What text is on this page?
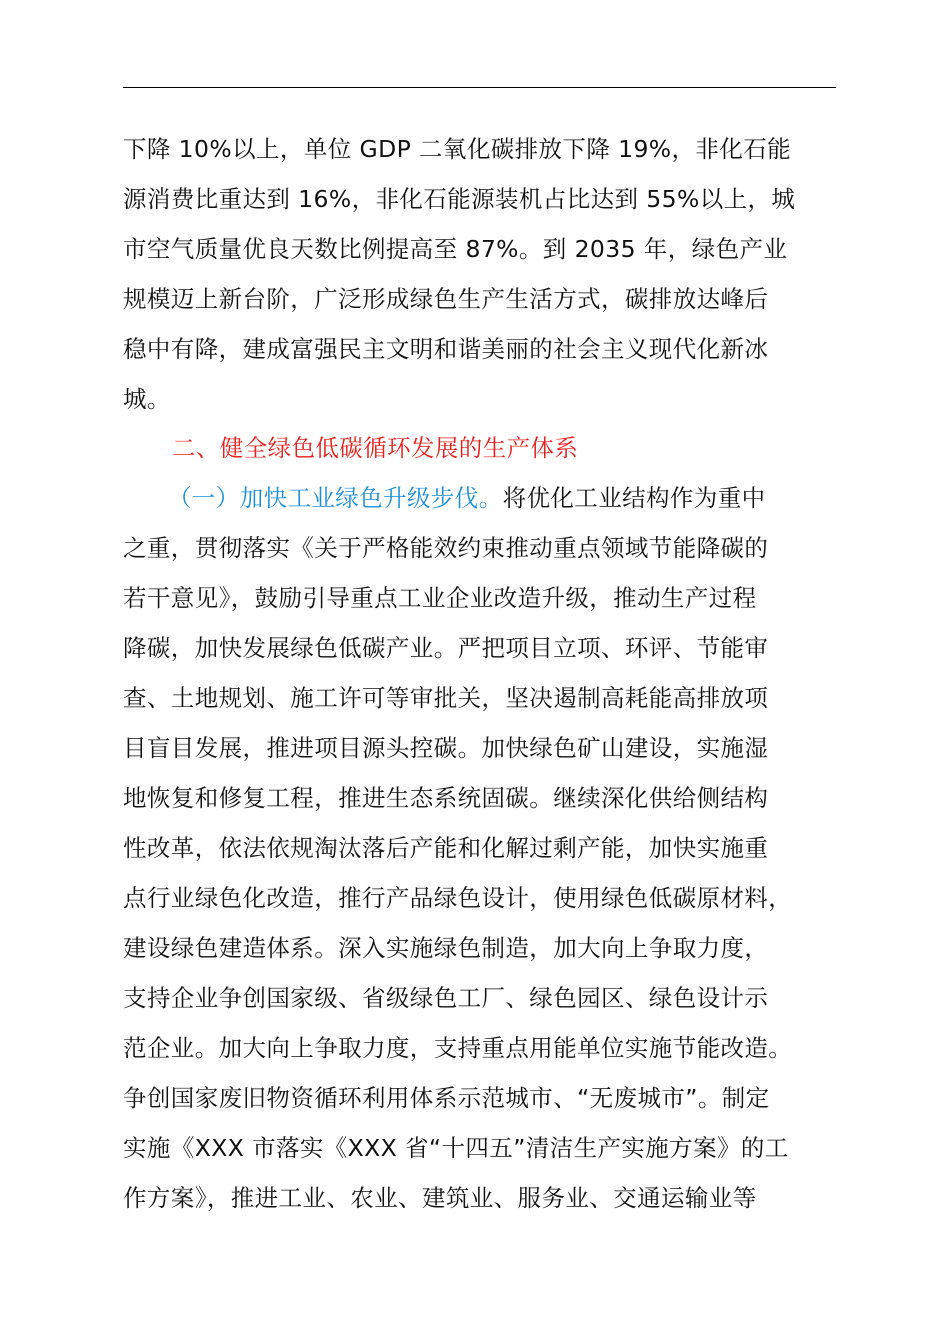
下降 10%以上，单位 GDP 二氧化碳排放下降 19%，非化石能
源消费比重达到 16%，非化石能源装机占比达到 55%以上，城
市空气质量优良天数比例提高至 87%。到 2035 年，绿色产业
规模迈上新台阶，广泛形成绿色生产生活方式，碳排放达峰后
稳中有降，建成富强民主文明和谐美丽的社会主义现代化新冰
城。
二、健全绿色低碳循环发展的生产体系
（一）加快工业绿色升级步伐。将优化工业结构作为重中
之重，贯彻落实《关于严格能效约束推动重点领域节能降碳的
若干意见》，鼓励引导重点工业企业改造升级，推动生产过程
降碳，加快发展绿色低碳产业。严把项目立项、环评、节能审
查、土地规划、施工许可等审批关，坚决遏制高耗能高排放项
目盲目发展，推进项目源头控碳。加快绿色矿山建设，实施湿
地恢复和修复工程，推进生态系统固碳。继续深化供给侧结构
性改革，依法依规淘汰落后产能和化解过剩产能，加快实施重
点行业绿色化改造，推行产品绿色设计，使用绿色低碳原材料，
建设绿色建造体系。深入实施绿色制造，加大向上争取力度，
支持企业争创国家级、省级绿色工厂、绿色园区、绿色设计示
范企业。加大向上争取力度，支持重点用能单位实施节能改造。
争创国家废旧物资循环利用体系示范城市、“无废城市”。制定
实施《XXX 市落实《XXX 省“十四五”清洁生产实施方案》的工
作方案》，推进工业、农业、建筑业、服务业、交通运输业等
